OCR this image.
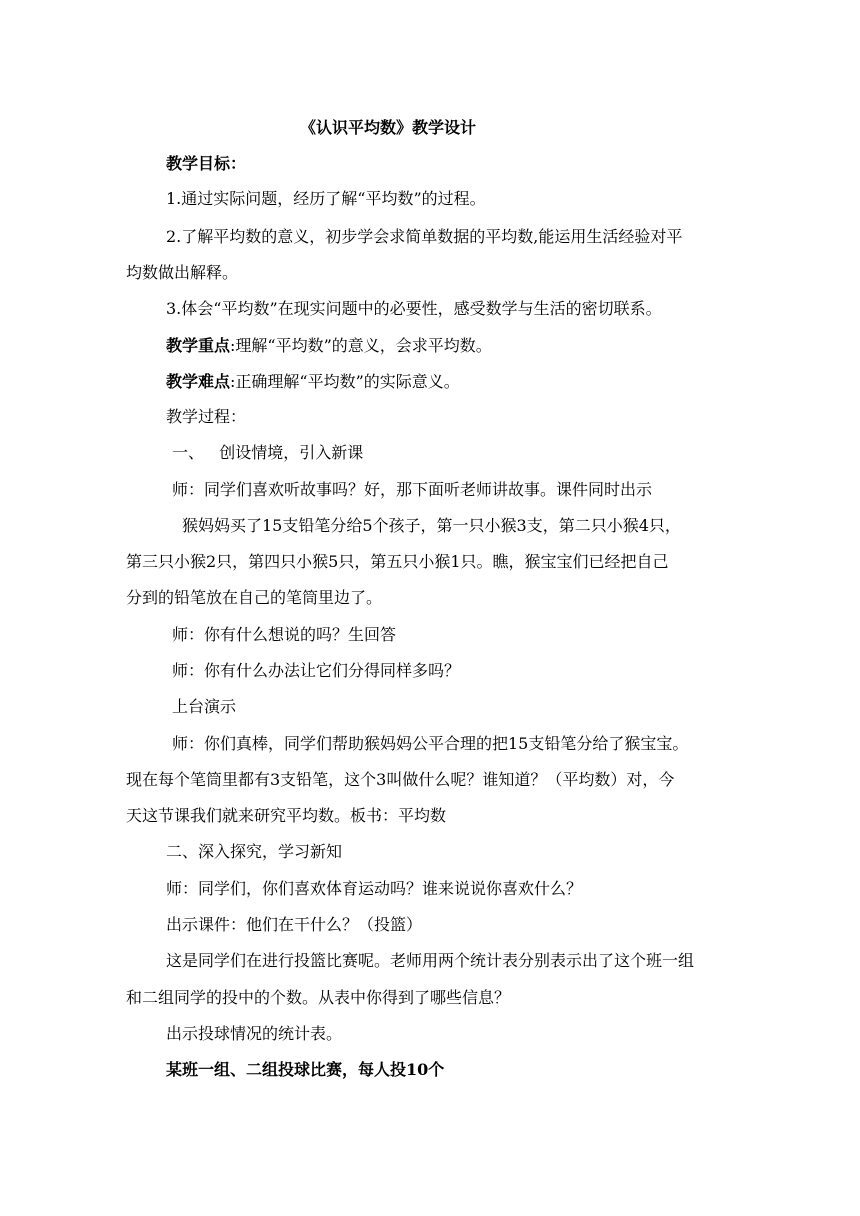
《认识平均数》教学设计

教学目标：

1.通过实际问题，经历了解“平均数”的过程。

2.了解平均数的意义，初步学会求简单数据的平均数,能运用生活经验对平

均数做出解释。

3.体会“平均数”在现实问题中的必要性，感受数学与生活的密切联系。

教学重点:理解“平均数”的意义，会求平均数。

教学难点:正确理解“平均数”的实际意义。

教学过程：

一、   创设情境，引入新课

师：同学们喜欢听故事吗？好，那下面听老师讲故事。课件同时出示

猴妈妈买了15支铅笔分给5个孩子，第一只小猴3支，第二只小猴4只，

第三只小猴2只，第四只小猴5只，第五只小猴1只。瞧，猴宝宝们已经把自己

分到的铅笔放在自己的笔筒里边了。

师：你有什么想说的吗？生回答

师：你有什么办法让它们分得同样多吗？

上台演示

师：你们真棒，同学们帮助猴妈妈公平合理的把15支铅笔分给了猴宝宝。

现在每个笔筒里都有3支铅笔，这个3叫做什么呢？谁知道？（平均数）对，今

天这节课我们就来研究平均数。板书：平均数

二、深入探究，学习新知

师：同学们，你们喜欢体育运动吗？谁来说说你喜欢什么？

出示课件：他们在干什么？（投篮）

这是同学们在进行投篮比赛呢。老师用两个统计表分别表示出了这个班一组

和二组同学的投中的个数。从表中你得到了哪些信息？

出示投球情况的统计表。

某班一组、二组投球比赛，每人投10个
